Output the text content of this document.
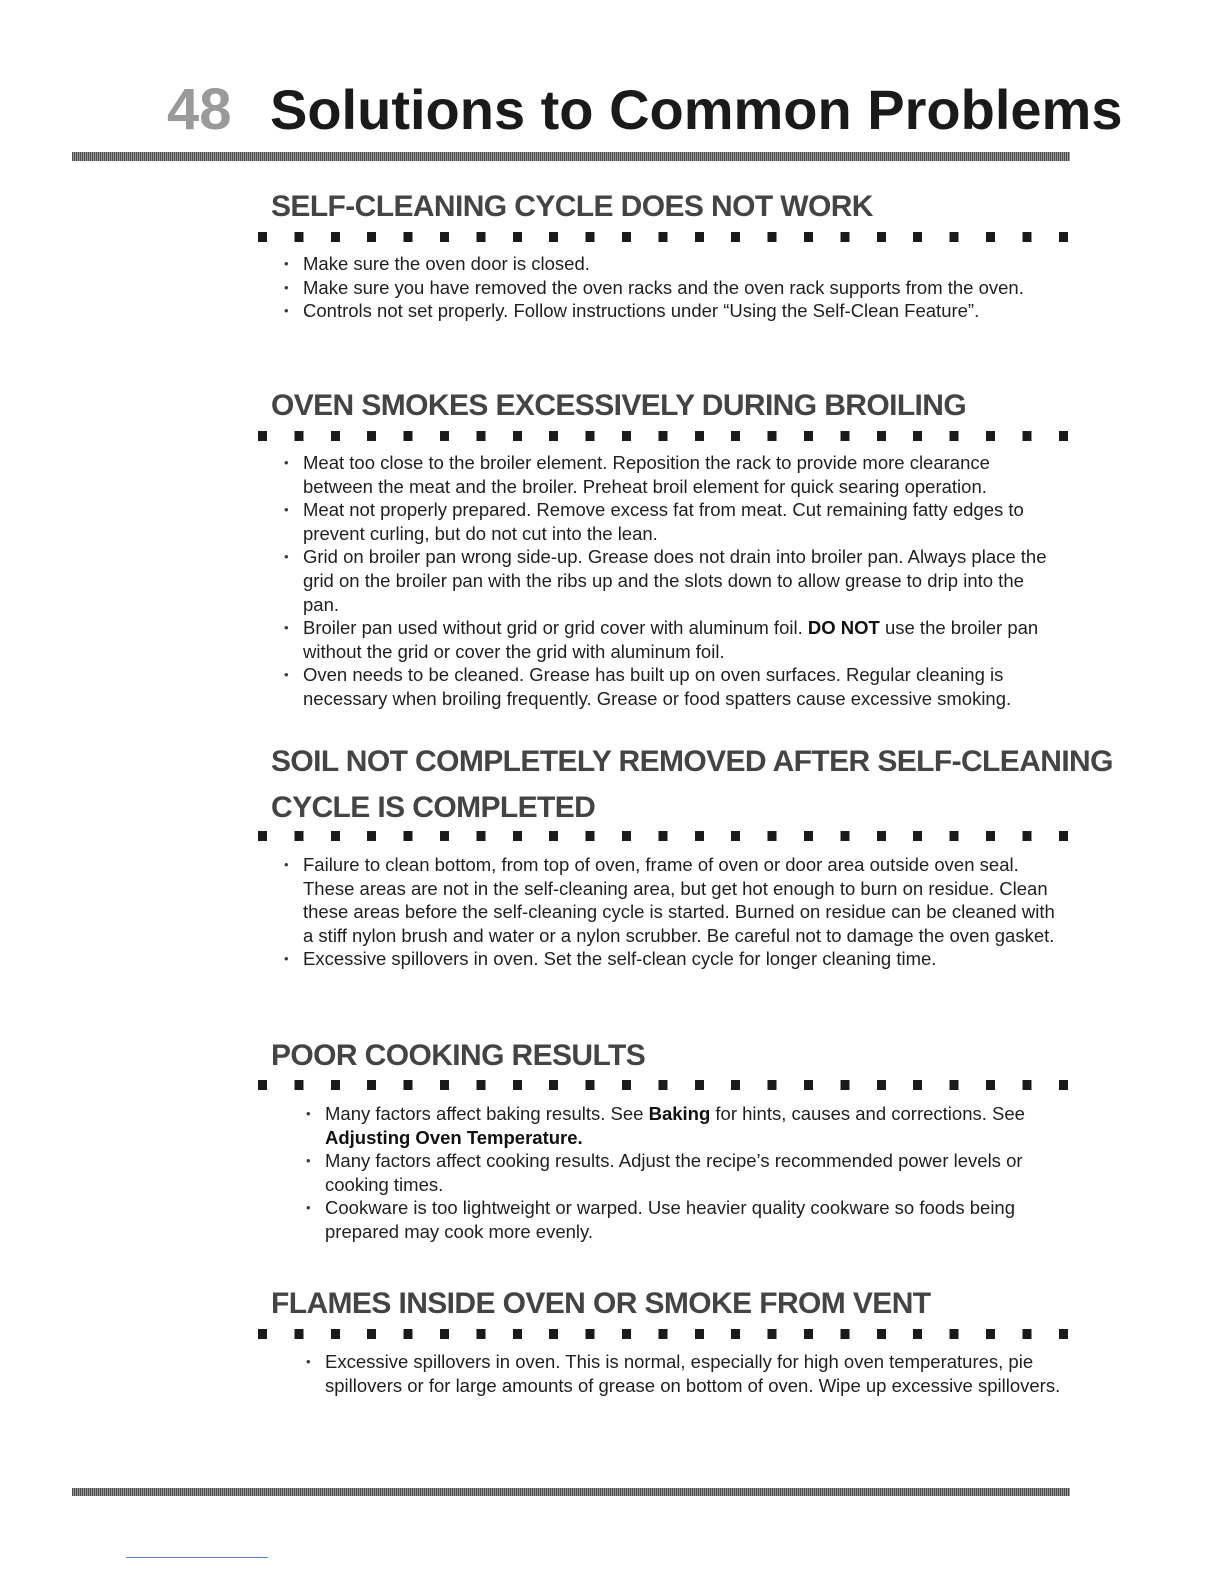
48 Solutions to Common Problems
SELF-CLEANING CYCLE DOES NOT WORK
• Make sure the oven door is closed.
• Make sure you have removed the oven racks and the oven rack supports from the oven.
• Controls not set properly. Follow instructions under “Using the Self-Clean Feature”.
OVEN SMOKES EXCESSIVELY DURING BROILING
• Meat too close to the broiler element. Reposition the rack to provide more clearance between the meat and the broiler. Preheat broil element for quick searing operation.
• Meat not properly prepared. Remove excess fat from meat. Cut remaining fatty edges to prevent curling, but do not cut into the lean.
• Grid on broiler pan wrong side-up. Grease does not drain into broiler pan. Always place the grid on the broiler pan with the ribs up and the slots down to allow grease to drip into the pan.
• Broiler pan used without grid or grid cover with aluminum foil. DO NOT use the broiler pan without the grid or cover the grid with aluminum foil.
• Oven needs to be cleaned. Grease has built up on oven surfaces. Regular cleaning is necessary when broiling frequently. Grease or food spatters cause excessive smoking.
SOIL NOT COMPLETELY REMOVED AFTER SELF-CLEANING
CYCLE IS COMPLETED
• Failure to clean bottom, from top of oven, frame of oven or door area outside oven seal. These areas are not in the self-cleaning area, but get hot enough to burn on residue. Clean these areas before the self-cleaning cycle is started. Burned on residue can be cleaned with a stiff nylon brush and water or a nylon scrubber. Be careful not to damage the oven gasket.
• Excessive spillovers in oven. Set the self-clean cycle for longer cleaning time.
POOR COOKING RESULTS
• Many factors affect baking results. See Baking for hints, causes and corrections. See Adjusting Oven Temperature.
• Many factors affect cooking results. Adjust the recipe’s recommended power levels or cooking times.
• Cookware is too lightweight or warped. Use heavier quality cookware so foods being prepared may cook more evenly.
FLAMES INSIDE OVEN OR SMOKE FROM VENT
• Excessive spillovers in oven. This is normal, especially for high oven temperatures, pie spillovers or for large amounts of grease on bottom of oven. Wipe up excessive spillovers.
